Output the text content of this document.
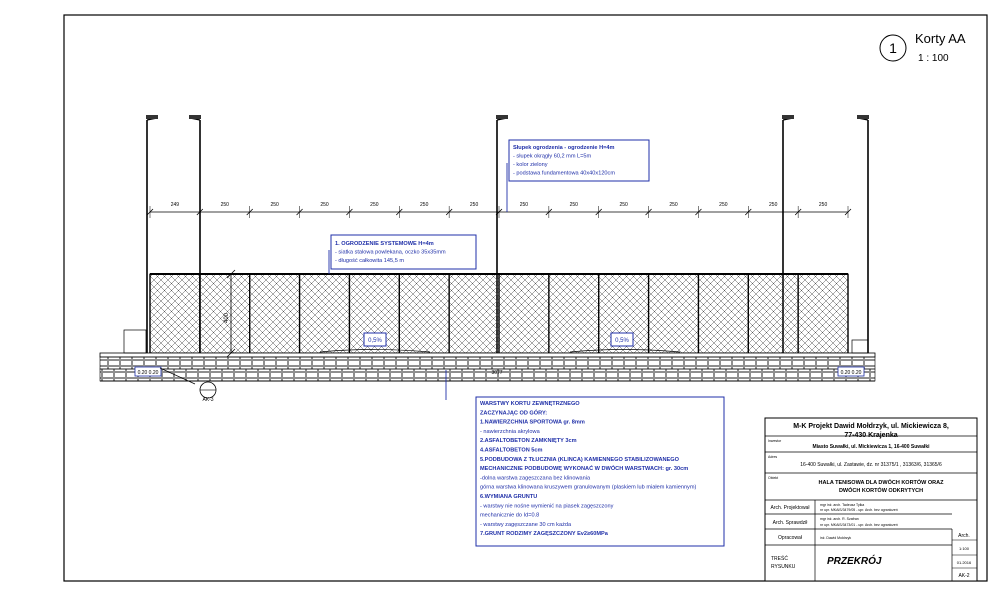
1
Korty AA
1 : 100
249	250	250	250	250	250	250	250	250	250	250	250	250	250
0,5%	0,5%
400
0.20 0.20	0.20 0.20
3077
AK-3
Słupek ogrodzenia - ogrodzenie H=4m
- słupek okrągły 60,2 mm L=5m
- kolor zielony
- podstawa fundamentowa 40x40x120cm
1. OGRODZENIE SYSTEMOWE H=4m
- siatka stalowa powlekana, oczko 35x35mm
- długość całkowita 145,5 m
WARSTWY KORTU ZEWNĘTRZNEGO
ZACZYNAJĄC OD GÓRY:
1.NAWIERZCHNIA SPORTOWA gr. 8mm
- nawierzchnia akrylowa
2.ASFALTOBETON ZAMKNIĘTY 3cm
4.ASFALTOBETON 5cm
5.PODBUDOWA Z TŁUCZNIA (KLINCA) KAMIENNEGO STABILIZOWANEGO
MECHANICZNIE PODBUDOWĘ WYKONAĆ W DWÓCH WARSTWACH: gr. 30cm
-dolna warstwa zagęszczana bez klinowania
górna warstwa klinowana kruszywem granulowanym (plaskiem lub miałem kamiennym)
6.WYMIANA GRUNTU
- warstwy nie nośne wymienić na piasek zagęszczony
mechanicznie do Id=0.8
- warstwy zagęszczane 30 cm każda
7.GRUNT RODZIMY ZAGĘSZCZONY Ev2≥60MPa
M-K Projekt Dawid Mołdrzyk, ul. Mickiewicza 8,
77-430 Krajenka
Inwestor
Miasto Suwałki, ul. Mickiewicza 1, 16-400 Suwałki
Adres
16-400 Suwałki, ul. Zastawie, dz. nr 31375/1 , 31363/6, 31365/6
Obiekt
HALA TENISOWA DLA DWÓCH KORTÓW ORAZ
DWÓCH KORTÓW ODKRYTYCH
Arch. Projektował	mgr inż. arch. Tadeusz Tylka
nr upr. MKAiS/3479/05 - upr. Arch. bez ograniczeń
Arch. Sprawdził
mgr inż. arch. R. Szafran
nr upr. MKAiS/3473/01 - upr. Arch. bez ograniczeń
Opracował	inż. Dawid Mołdrzyk
TREŚĆ
RYSUNKU	PRZEKRÓJ
Arch.
1:100
01.2016
AK-2
